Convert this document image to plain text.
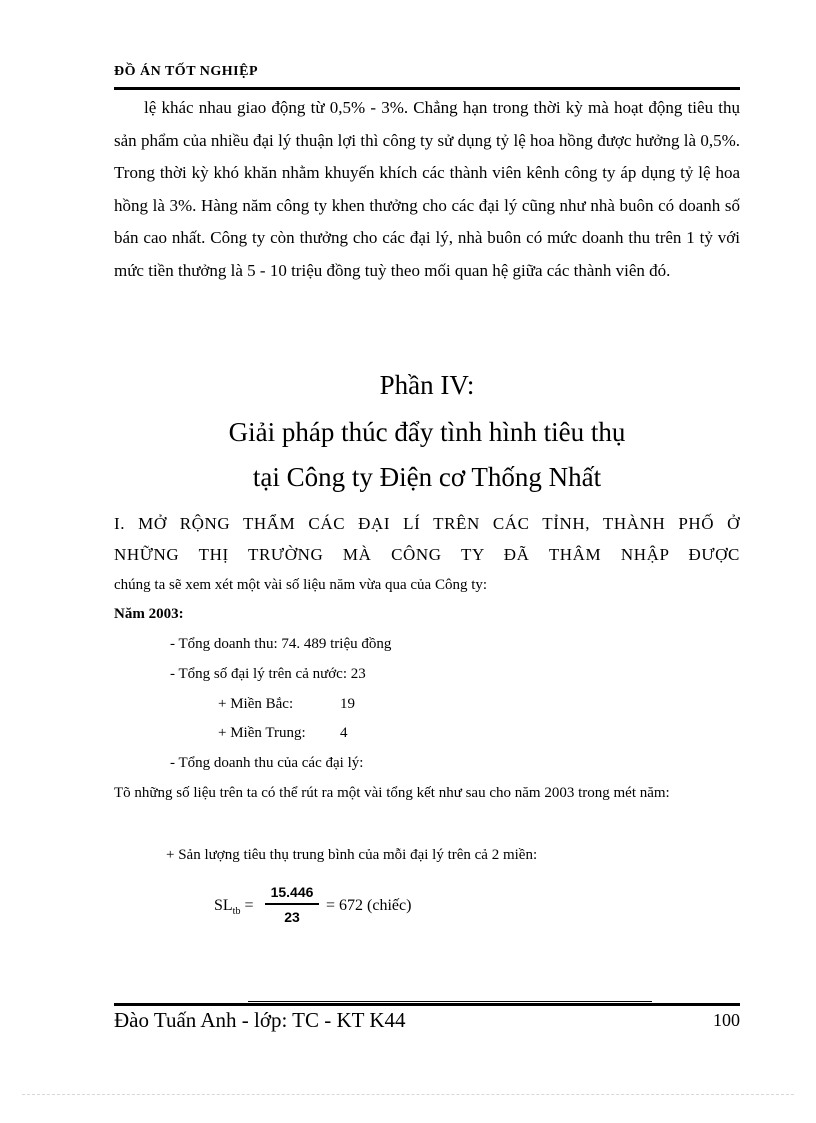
ĐỒ ÁN TỐT NGHIỆP

lệ khác nhau giao động từ 0,5% - 3%. Chẳng hạn trong thời kỳ mà hoạt động tiêu thụ sản phẩm của nhiều đại lý thuận lợi thì công ty sử dụng tỷ lệ hoa hồng được hưởng là 0,5%. Trong thời kỳ khó khăn nhằm khuyến khích các thành viên kênh công ty áp dụng tỷ lệ hoa hồng là 3%. Hàng năm công ty khen thưởng cho các đại lý cũng như nhà buôn có doanh số bán cao nhất. Công ty còn thưởng cho các đại lý, nhà buôn có mức doanh thu trên 1 tỷ với mức tiền thưởng là 5 - 10 triệu đồng tuỳ theo mối quan hệ giữa các thành viên đó.

Phần IV:
Giải pháp thúc đẩy tình hình tiêu thụ
tại Công ty Điện cơ Thống Nhất
I. MỞ RỘNG THẨM CÁC ĐẠI LÍ TRÊN CÁC TỈNH, THÀNH PHỐ Ở
NHỮNG THỊ TRƯỜNG MÀ CÔNG TY ĐÃ THÂM NHẬP ĐƯỢC
chúng ta sẽ xem xét một vài số liệu năm vừa qua của Công ty:
Năm 2003:
- Tổng doanh thu: 74. 489 triệu đồng
- Tổng số đại lý trên cả nước: 23
+ Miền Bắc:	19
+ Miền Trung: 4
- Tổng doanh thu của các đại lý:

Tõ những số liệu trên ta có thể rút ra một vài tổng kết như sau cho năm 2003 trong mét năm:

+ Sản lượng tiêu thụ trung bình của mỗi đại lý trên cả 2 miền:
$SL_{tb}$ =
15.446
23
= 672 (chiếc)
Đào Tuấn Anh - lớp: TC - KT K44	100
